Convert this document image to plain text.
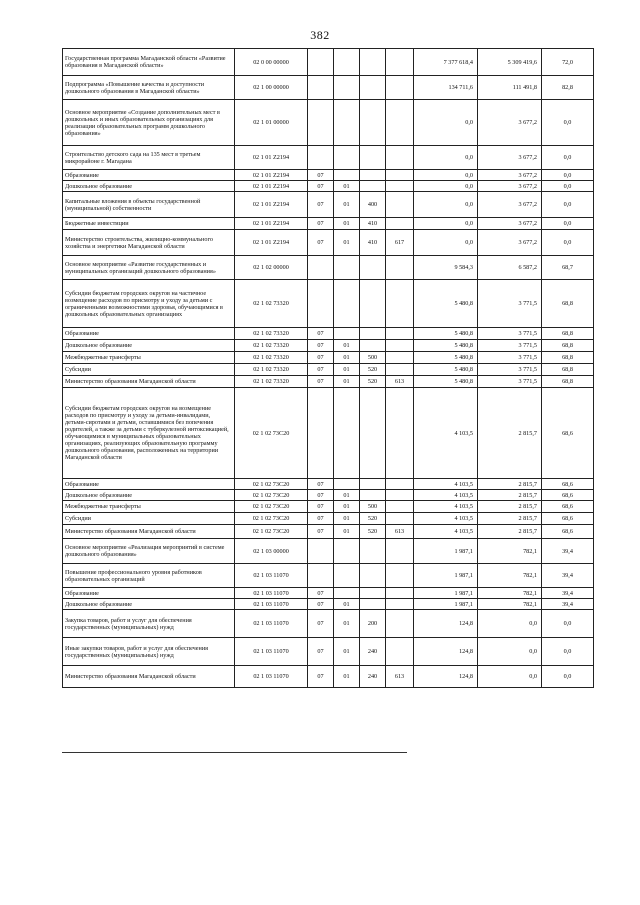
382
Государственная программа Магаданской области «Развитие образования в Магаданской области»	02 0 00 00000					7 377 618,4	5 309 419,6	72,0
Подпрограмма «Повышение качества и доступности дошкольного образования в Магаданской области»	02 1 00 00000					134 711,6	111 491,8	82,8
Основное мероприятие «Создание дополнительных мест в дошкольных и иных образовательных организациях для реализации образовательных программ дошкольного образования»	02 1 01 00000					0,0	3 677,2	0,0
Строительство детского сада на 135 мест в третьем микрорайоне г. Магадана	02 1 01 Z2194					0,0	3 677,2	0,0
Образование	02 1 01 Z2194	07				0,0	3 677,2	0,0
Дошкольное образование	02 1 01 Z2194	07	01			0,0	3 677,2	0,0
Капитальные вложения в объекты государственной (муниципальной) собственности	02 1 01 Z2194	07	01	400		0,0	3 677,2	0,0
Бюджетные инвестиции	02 1 01 Z2194	07	01	410		0,0	3 677,2	0,0
Министерство строительства, жилищно-коммунального хозяйства и энергетики Магаданской области	02 1 01 Z2194	07	01	410	617	0,0	3 677,2	0,0
Основное мероприятие «Развитие государственных и муниципальных организаций дошкольного образования»	02 1 02 00000					9 584,3	6 587,2	68,7
Субсидии бюджетам городских округов на частичное возмещение расходов по присмотру и уходу за детьми с ограниченными возможностями здоровья, обучающимися в дошкольных образовательных организациях	02 1 02 73320					5 480,8	3 771,5	68,8
Образование	02 1 02 73320	07				5 480,8	3 771,5	68,8
Дошкольное образование	02 1 02 73320	07	01			5 480,8	3 771,5	68,8
Межбюджетные трансферты	02 1 02 73320	07	01	500		5 480,8	3 771,5	68,8
Субсидии	02 1 02 73320	07	01	520		5 480,8	3 771,5	68,8
Министерство образования Магаданской области	02 1 02 73320	07	01	520	613	5 480,8	3 771,5	68,8
Субсидии бюджетам городских округов на возмещение расходов по присмотру и уходу за детьми-инвалидами, детьми-сиротами и детьми, оставшимися без попечения родителей, а также за детьми с туберкулезной интоксикацией, обучающимися в муниципальных образовательных организациях, реализующих образовательную программу дошкольного образования, расположенных на территории Магаданской области	02 1 02 73С20					4 103,5	2 815,7	68,6
Образование	02 1 02 73С20	07				4 103,5	2 815,7	68,6
Дошкольное образование	02 1 02 73С20	07	01			4 103,5	2 815,7	68,6
Межбюджетные трансферты	02 1 02 73С20	07	01	500		4 103,5	2 815,7	68,6
Субсидии	02 1 02 73С20	07	01	520		4 103,5	2 815,7	68,6
Министерство образования Магаданской области	02 1 02 73С20	07	01	520	613	4 103,5	2 815,7	68,6
Основное мероприятие «Реализация мероприятий в системе дошкольного образования»	02 1 03 00000					1 987,1	782,1	39,4
Повышение профессионального уровня работников образовательных организаций	02 1 03 11070					1 987,1	782,1	39,4
Образование	02 1 03 11070	07				1 987,1	782,1	39,4
Дошкольное образование	02 1 03 11070	07	01			1 987,1	782,1	39,4
Закупка товаров, работ и услуг для обеспечения государственных (муниципальных) нужд	02 1 03 11070	07	01	200		124,8	0,0	0,0
Иные закупки товаров, работ и услуг для обеспечения государственных (муниципальных) нужд	02 1 03 11070	07	01	240		124,8	0,0	0,0
Министерство образования Магаданской области	02 1 03 11070	07	01	240	613	124,8	0,0	0,0
